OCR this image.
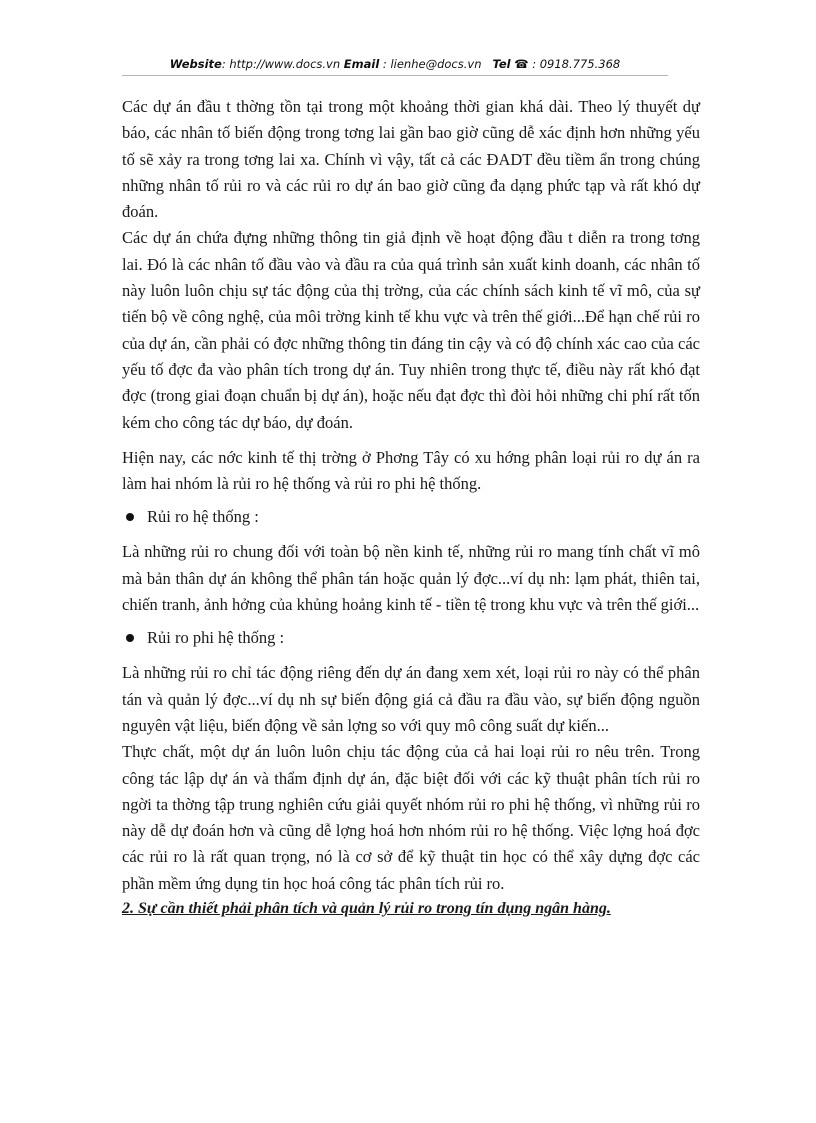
Website: http://www.docs.vn Email : lienhe@docs.vn Tel ☎ : 0918.775.368

Các dự án đầu t thờng tồn tại trong một khoảng thời gian khá dài. Theo lý thuyết dự báo, các nhân tố biến động trong tơng lai gần bao giờ cũng dễ xác định hơn những yếu tố sẽ xảy ra trong tơng lai xa. Chính vì vậy, tất cả các ĐADT đều tiềm ẩn trong chúng những nhân tố rủi ro và các rủi ro dự án bao giờ cũng đa dạng phức tạp và rất khó dự đoán.

Các dự án chứa đựng những thông tin giả định về hoạt động đầu t diễn ra trong tơng lai. Đó là các nhân tố đầu vào và đầu ra của quá trình sản xuất kinh doanh, các nhân tố này luôn luôn chịu sự tác động của thị trờng, của các chính sách kinh tế vĩ mô, của sự tiến bộ về công nghệ, của môi trờng kinh tế khu vực và trên thế giới...Để hạn chế rủi ro của dự án, cần phải có đợc những thông tin đáng tin cậy và có độ chính xác cao của các yếu tố đợc đa vào phân tích trong dự án. Tuy nhiên trong thực tế, điều này rất khó đạt đợc (trong giai đoạn chuẩn bị dự án), hoặc nếu đạt đợc thì đòi hỏi những chi phí rất tốn kém cho công tác dự báo, dự đoán.

Hiện nay, các nớc kinh tế thị trờng ở Phơng Tây có xu hớng phân loại rủi ro dự án ra làm hai nhóm là rủi ro hệ thống và rủi ro phi hệ thống.

Rủi ro hệ thống :

Là những rủi ro chung đối với toàn bộ nền kinh tế, những rủi ro mang tính chất vĩ mô mà bản thân dự án không thể phân tán hoặc quản lý đợc...ví dụ nh: lạm phát, thiên tai, chiến tranh, ảnh hởng của khủng hoảng kinh tế - tiền tệ trong khu vực và trên thế giới...

Rủi ro phi hệ thống :

Là những rủi ro chỉ tác động riêng đến dự án đang xem xét, loại rủi ro này có thể phân tán và quản lý đợc...ví dụ nh sự biến động giá cả đầu ra đầu vào, sự biến động nguồn nguyên vật liệu, biến động về sản lợng so với quy mô công suất dự kiến...

Thực chất, một dự án luôn luôn chịu tác động của cả hai loại rủi ro nêu trên. Trong công tác lập dự án và thẩm định dự án, đặc biệt đối với các kỹ thuật phân tích rủi ro ngời ta thờng tập trung nghiên cứu giải quyết nhóm rủi ro phi hệ thống, vì những rủi ro này dễ dự đoán hơn và cũng dễ lợng hoá hơn nhóm rủi ro hệ thống. Việc lợng hoá đợc các rủi ro là rất quan trọng, nó là cơ sở để kỹ thuật tin học có thể xây dựng đợc các phần mềm ứng dụng tin học hoá công tác phân tích rủi ro.

2. Sự cần thiết phải phân tích và quản lý rủi ro trong tín dụng ngân hàng.
